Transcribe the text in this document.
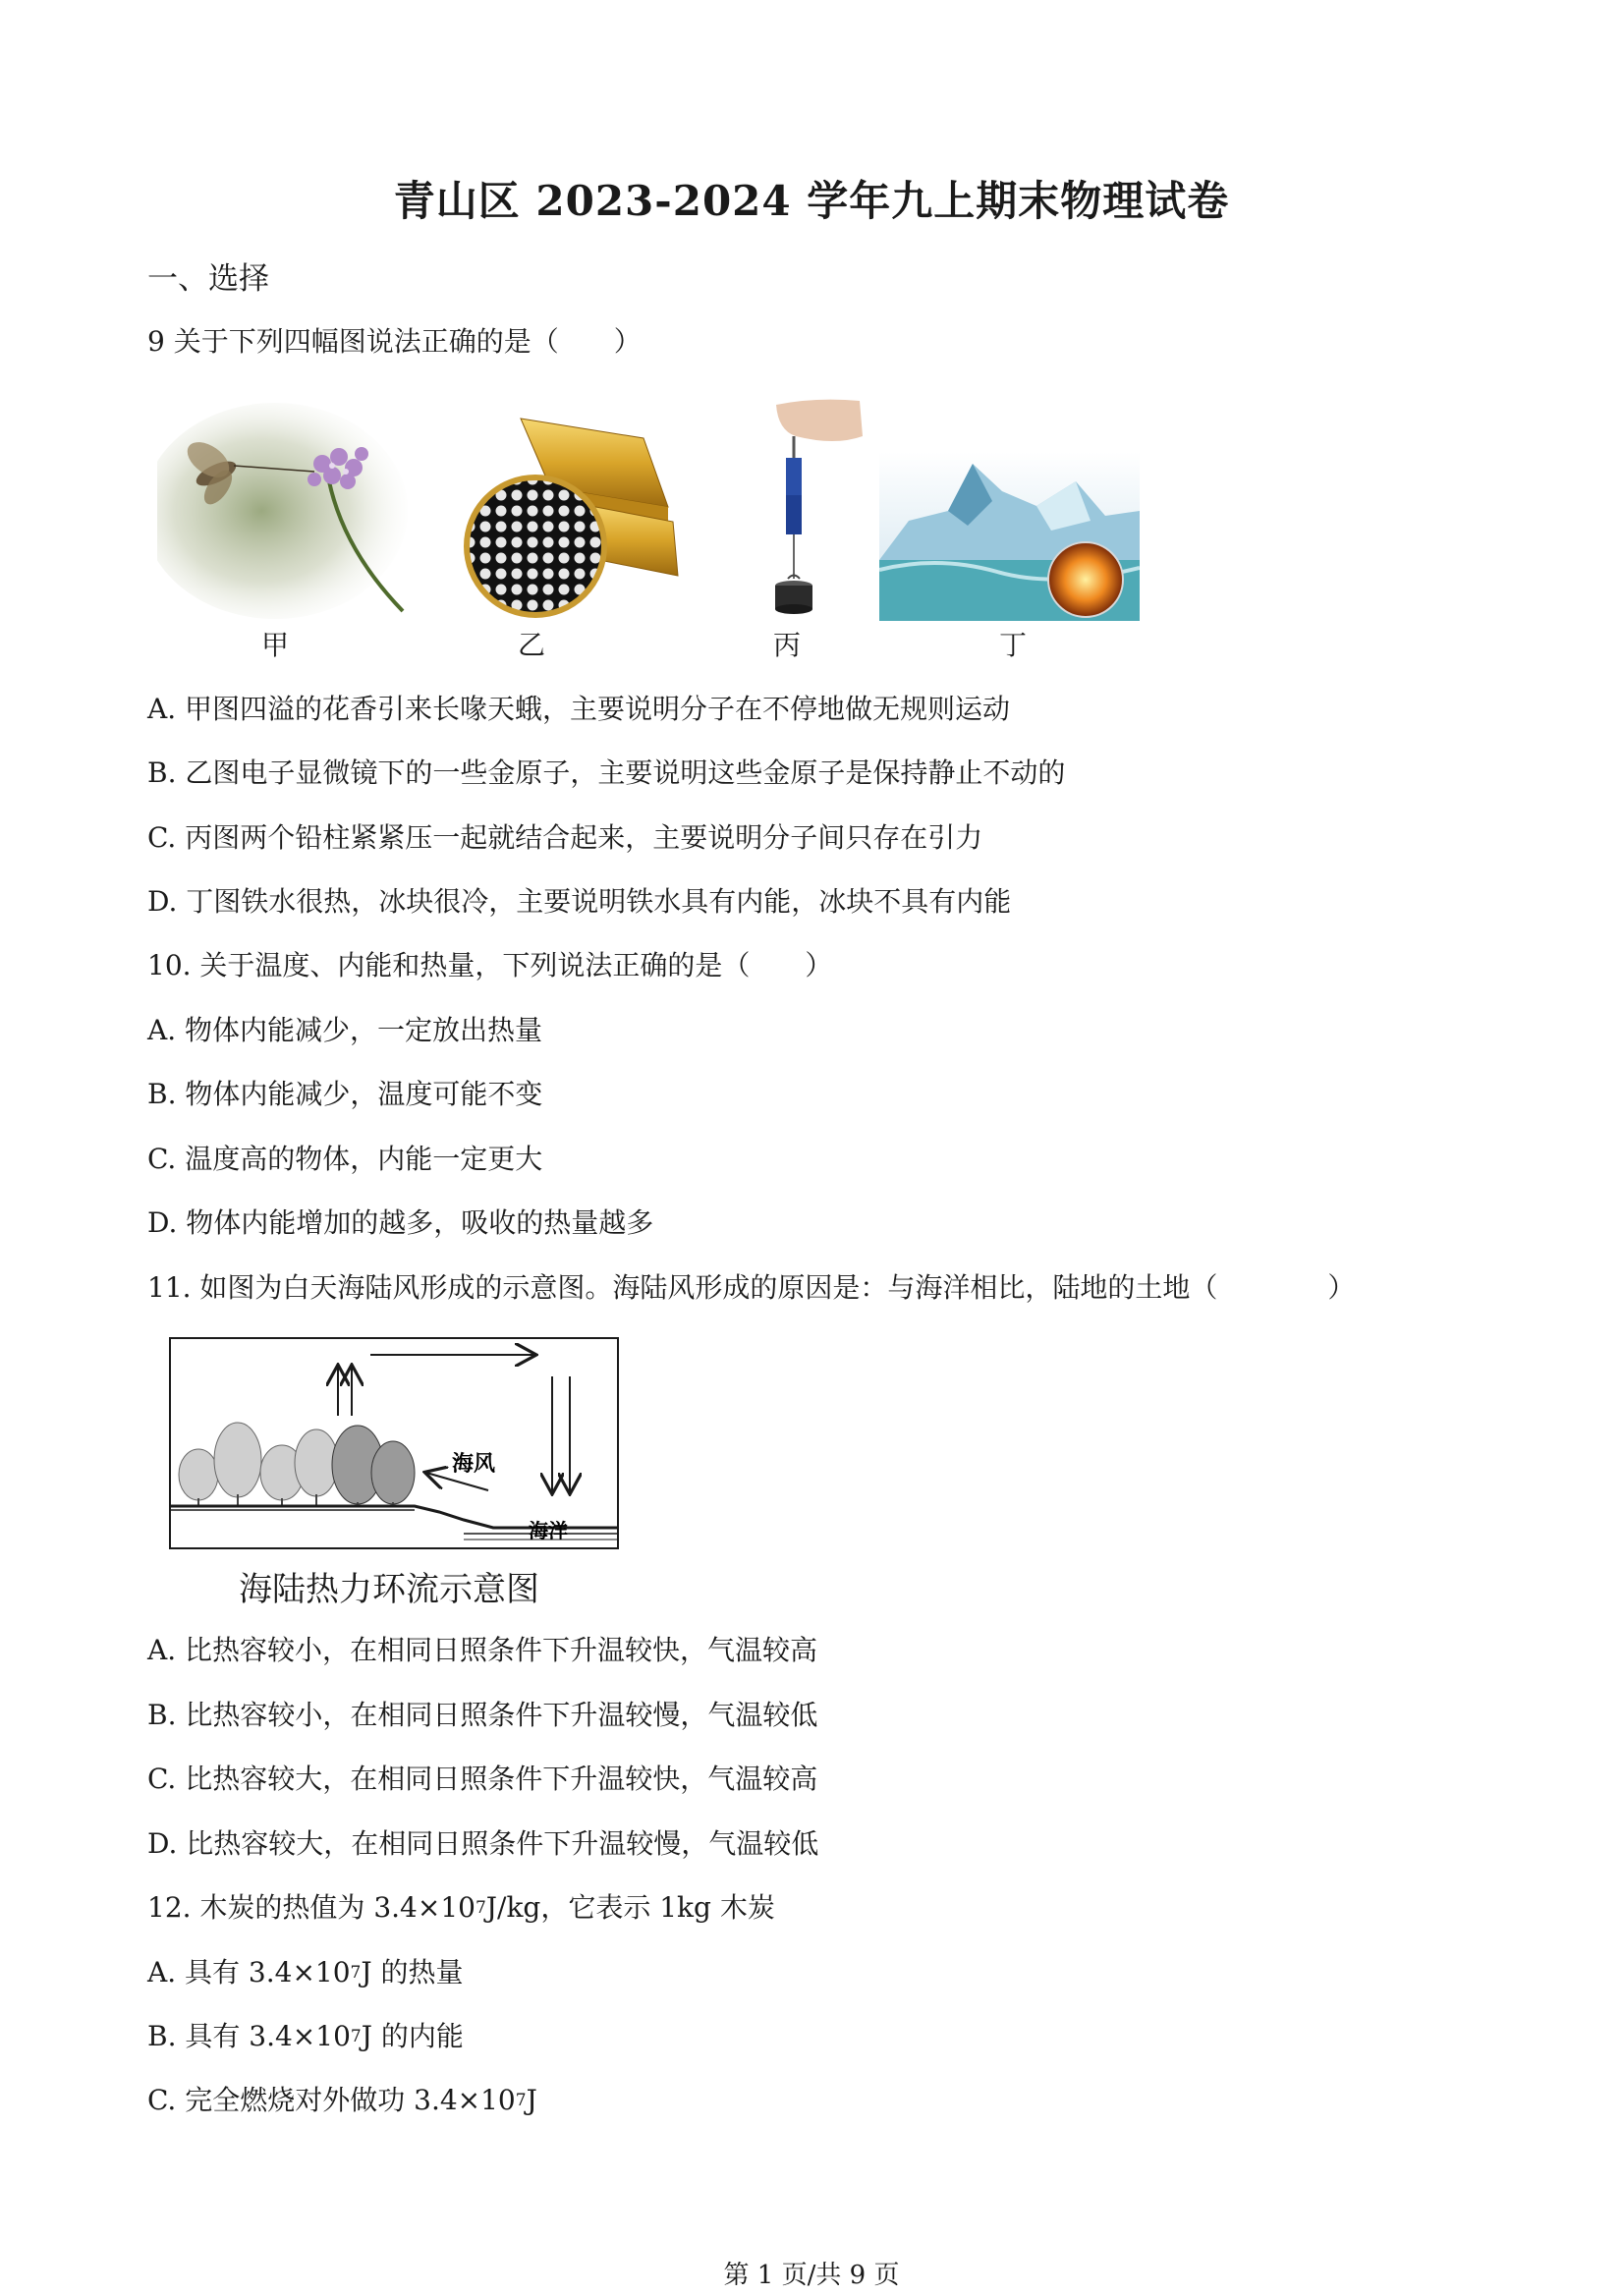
青山区 2023-2024 学年九上期末物理试卷
一、选择
9 关于下列四幅图说法正确的是（　　）
甲	乙	丙	丁
A. 甲图四溢的花香引来长喙天蛾，主要说明分子在不停地做无规则运动
B. 乙图电子显微镜下的一些金原子，主要说明这些金原子是保持静止不动的
C. 丙图两个铅柱紧紧压一起就结合起来，主要说明分子间只存在引力
D. 丁图铁水很热，冰块很冷，主要说明铁水具有内能，冰块不具有内能
10. 关于温度、内能和热量，下列说法正确的是（　　）
A. 物体内能减少，一定放出热量
B. 物体内能减少，温度可能不变
C. 温度高的物体，内能一定更大
D. 物体内能增加的越多，吸收的热量越多
11. 如图为白天海陆风形成的示意图。海陆风形成的原因是：与海洋相比，陆地的土地（　　　　）
海风
海洋
海陆热力环流示意图
A. 比热容较小，在相同日照条件下升温较快，气温较高
B. 比热容较小，在相同日照条件下升温较慢，气温较低
C. 比热容较大，在相同日照条件下升温较快，气温较高
D. 比热容较大，在相同日照条件下升温较慢，气温较低
12. 木炭的热值为 $3.4\times 10^7J/kg$，它表示 1kg 木炭
A. 具有 $3.4\times 10^7J$ 的热量
B. 具有 $3.4\times 10^7J$ 的内能
C. 完全燃烧对外做功 $3.4\times 10^7J$
第 1 页/共 9 页
